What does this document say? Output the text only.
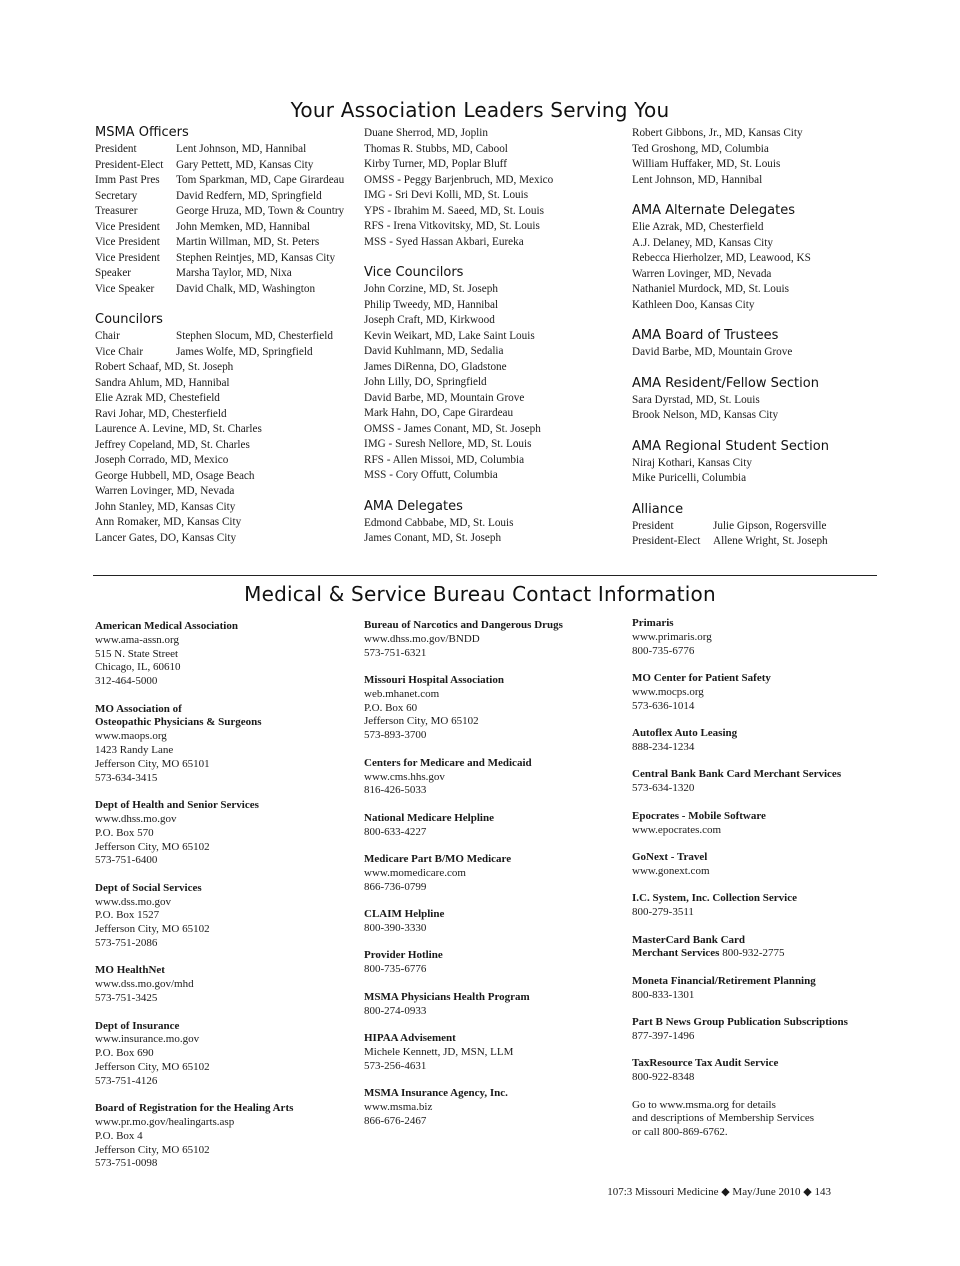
Your Association Leaders Serving You
MSMA Officers
President	Lent Johnson, MD, Hannibal
President-Elect	Gary Pettett, MD, Kansas City
Imm Past Pres	Tom Sparkman, MD, Cape Girardeau
Secretary	David Redfern, MD, Springfield
Treasurer	George Hruza, MD, Town & Country
Vice President	John Memken, MD, Hannibal
Vice President	Martin Willman, MD, St. Peters
Vice President	Stephen Reintjes, MD, Kansas City
Speaker	Marsha Taylor, MD, Nixa
Vice Speaker	David Chalk, MD, Washington
Councilors
Chair	Stephen Slocum, MD, Chesterfield
Vice Chair	James Wolfe, MD, Springfield
Robert Schaaf, MD, St. Joseph
Sandra Ahlum, MD, Hannibal
Elie Azrak MD, Chestefield
Ravi Johar, MD, Chesterfield
Laurence A. Levine, MD, St. Charles
Jeffrey Copeland, MD, St. Charles
Joseph Corrado, MD, Mexico
George Hubbell, MD, Osage Beach
Warren Lovinger, MD, Nevada
John Stanley, MD, Kansas City
Ann Romaker, MD, Kansas City
Lancer Gates, DO, Kansas City
Duane Sherrod, MD, Joplin
Thomas R. Stubbs, MD, Cabool
Kirby Turner, MD, Poplar Bluff
OMSS - Peggy Barjenbruch, MD, Mexico
IMG - Sri Devi Kolli, MD, St. Louis
YPS - Ibrahim M. Saeed, MD, St. Louis
RFS - Irena Vitkovitsky, MD, St. Louis
MSS - Syed Hassan Akbari, Eureka
Vice Councilors
John Corzine, MD, St. Joseph
Philip Tweedy, MD, Hannibal
Joseph Craft, MD, Kirkwood
Kevin Weikart, MD, Lake Saint Louis
David Kuhlmann, MD, Sedalia
James DiRenna, DO, Gladstone
John Lilly, DO, Springfield
David Barbe, MD, Mountain Grove
Mark Hahn, DO, Cape Girardeau
OMSS - James Conant, MD, St. Joseph
IMG - Suresh Nellore, MD, St. Louis
RFS - Allen Missoi, MD, Columbia
MSS - Cory Offutt, Columbia
AMA Delegates
Edmond Cabbabe, MD, St. Louis
James Conant, MD, St. Joseph
Robert Gibbons, Jr., MD, Kansas City
Ted Groshong, MD, Columbia
William Huffaker, MD, St. Louis
Lent Johnson, MD, Hannibal
AMA Alternate Delegates
Elie Azrak, MD, Chesterfield
A.J. Delaney, MD, Kansas City
Rebecca Hierholzer, MD, Leawood, KS
Warren Lovinger, MD, Nevada
Nathaniel Murdock, MD, St. Louis
Kathleen Doo, Kansas City
AMA Board of Trustees
David Barbe, MD, Mountain Grove
AMA Resident/Fellow Section
Sara Dyrstad, MD, St. Louis
Brook Nelson, MD, Kansas City
AMA Regional Student Section
Niraj Kothari, Kansas City
Mike Puricelli, Columbia
Alliance
President	Julie Gipson, Rogersville
President-Elect	Allene Wright, St. Joseph
Medical & Service Bureau Contact Information
American Medical Association
www.ama-assn.org
515 N. State Street
Chicago, IL, 60610
312-464-5000
MO Association of
Osteopathic Physicians & Surgeons
www.maops.org
1423 Randy Lane
Jefferson City, MO 65101
573-634-3415
Dept of Health and Senior Services
www.dhss.mo.gov
P.O. Box 570
Jefferson City, MO 65102
573-751-6400
Dept of Social Services
www.dss.mo.gov
P.O. Box 1527
Jefferson City, MO 65102
573-751-2086
MO HealthNet
www.dss.mo.gov/mhd
573-751-3425
Dept of Insurance
www.insurance.mo.gov
P.O. Box 690
Jefferson City, MO 65102
573-751-4126
Board of Registration for the Healing Arts
www.pr.mo.gov/healingarts.asp
P.O. Box 4
Jefferson City, MO 65102
573-751-0098
Bureau of Narcotics and Dangerous Drugs
www.dhss.mo.gov/BNDD
573-751-6321
Missouri Hospital Association
web.mhanet.com
P.O. Box 60
Jefferson City, MO 65102
573-893-3700
Centers for Medicare and Medicaid
www.cms.hhs.gov
816-426-5033
National Medicare Helpline
800-633-4227
Medicare Part B/MO Medicare
www.momedicare.com
866-736-0799
CLAIM Helpline
800-390-3330
Provider Hotline
800-735-6776
MSMA Physicians Health Program
800-274-0933
HIPAA Advisement
Michele Kennett, JD, MSN, LLM
573-256-4631
MSMA Insurance Agency, Inc.
www.msma.biz
866-676-2467
Primaris
www.primaris.org
800-735-6776
MO Center for Patient Safety
www.mocps.org
573-636-1014
Autoflex Auto Leasing
888-234-1234
Central Bank Bank Card Merchant Services
573-634-1320
Epocrates - Mobile Software
www.epocrates.com
GoNext - Travel
www.gonext.com
I.C. System, Inc. Collection Service
800-279-3511
MasterCard Bank Card
Merchant Services 800-932-2775
Moneta Financial/Retirement Planning
800-833-1301
Part B News Group Publication Subscriptions
877-397-1496
TaxResource Tax Audit Service
800-922-8348
Go to www.msma.org for details
and descriptions of Membership Services
or call 800-869-6762.
107:3 Missouri Medicine ◆ May/June 2010 ◆ 143
